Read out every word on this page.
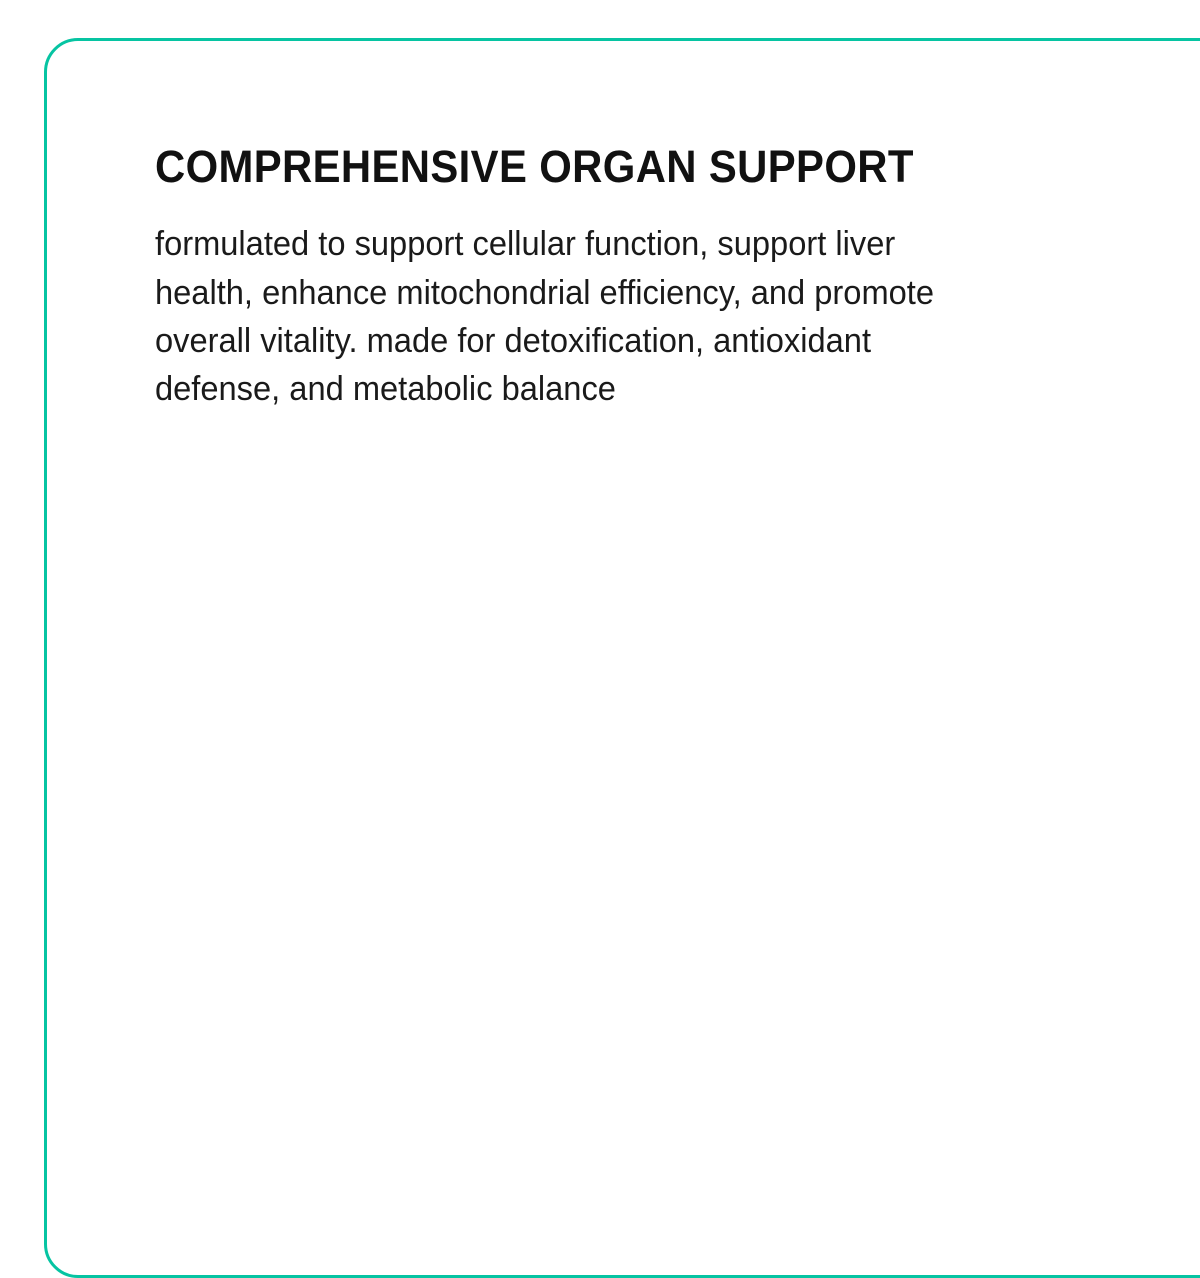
COMPREHENSIVE ORGAN SUPPORT

formulated to support cellular function, support liver health, enhance mitochondrial efficiency, and promote overall vitality. made for detoxification, antioxidant defense, and metabolic balance
